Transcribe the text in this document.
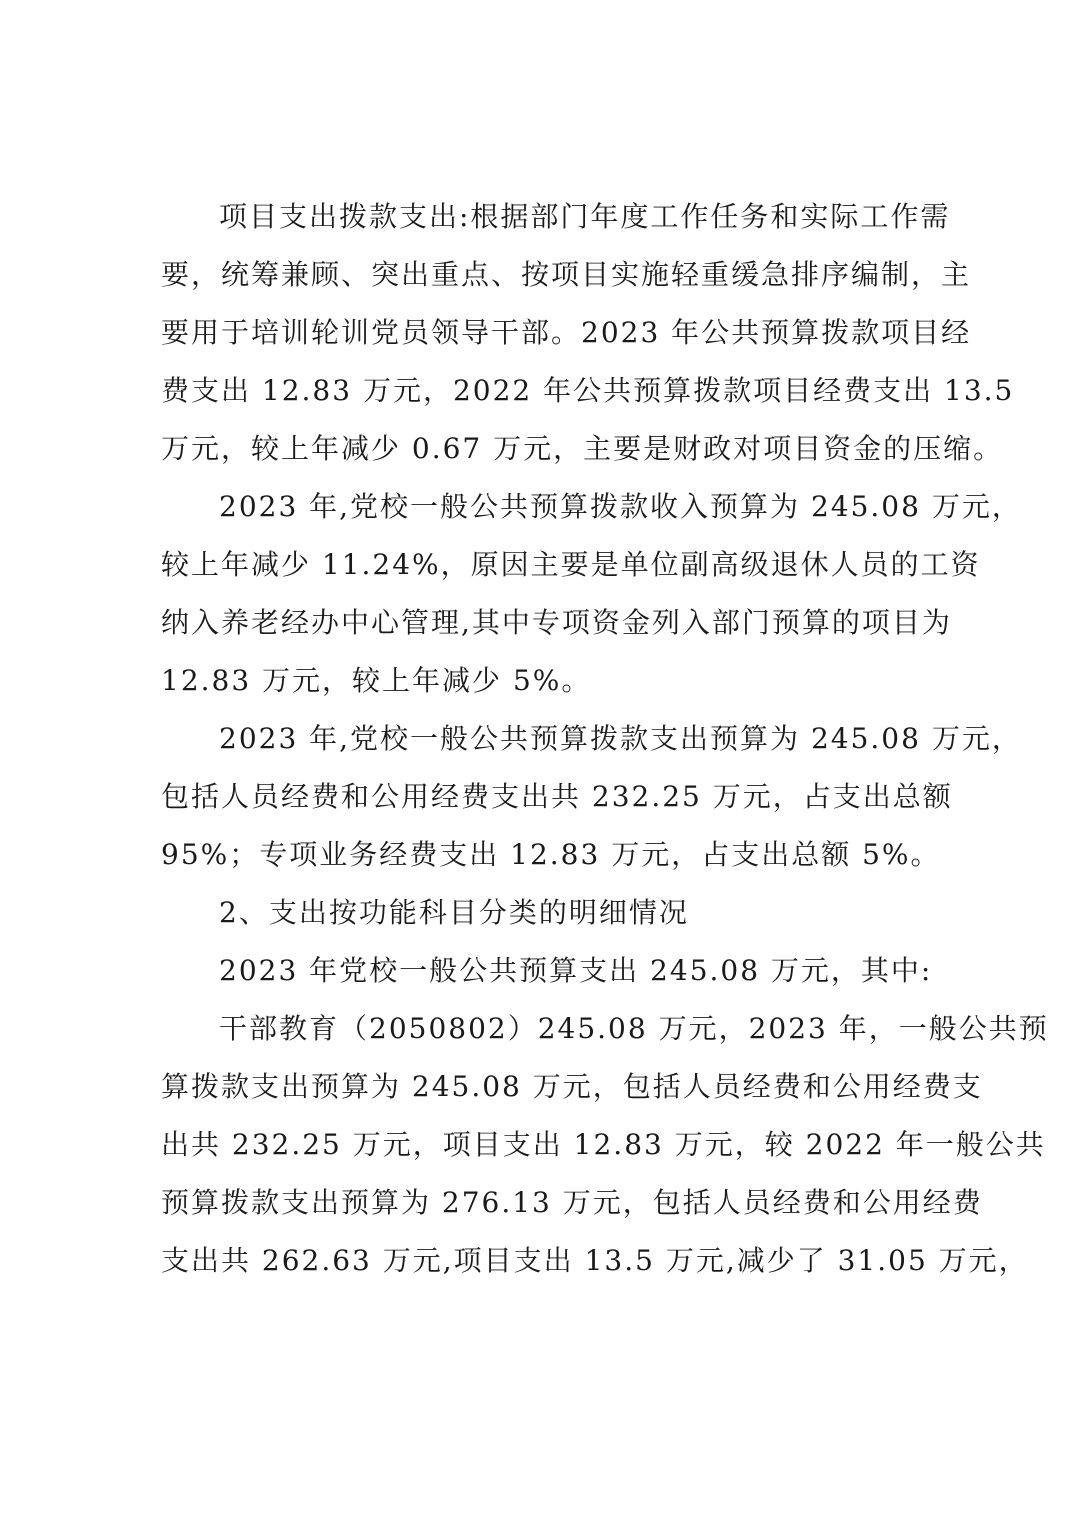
项目支出拨款支出:根据部门年度工作任务和实际工作需
要，统筹兼顾、突出重点、按项目实施轻重缓急排序编制，主
要用于培训轮训党员领导干部。2023 年公共预算拨款项目经
费支出 12.83 万元，2022 年公共预算拨款项目经费支出 13.5
万元，较上年减少 0.67 万元，主要是财政对项目资金的压缩。
2023 年,党校一般公共预算拨款收入预算为 245.08 万元，
较上年减少 11.24%，原因主要是单位副高级退休人员的工资
纳入养老经办中心管理,其中专项资金列入部门预算的项目为
12.83 万元，较上年减少 5%。
2023 年,党校一般公共预算拨款支出预算为 245.08 万元，
包括人员经费和公用经费支出共 232.25 万元，占支出总额
95%；专项业务经费支出 12.83 万元，占支出总额 5%。
2、支出按功能科目分类的明细情况
2023 年党校一般公共预算支出 245.08 万元，其中:
干部教育（2050802）245.08 万元，2023 年，一般公共预
算拨款支出预算为 245.08 万元，包括人员经费和公用经费支
出共 232.25 万元，项目支出 12.83 万元，较 2022 年一般公共
预算拨款支出预算为 276.13 万元，包括人员经费和公用经费
支出共 262.63 万元,项目支出 13.5 万元,减少了 31.05 万元，
